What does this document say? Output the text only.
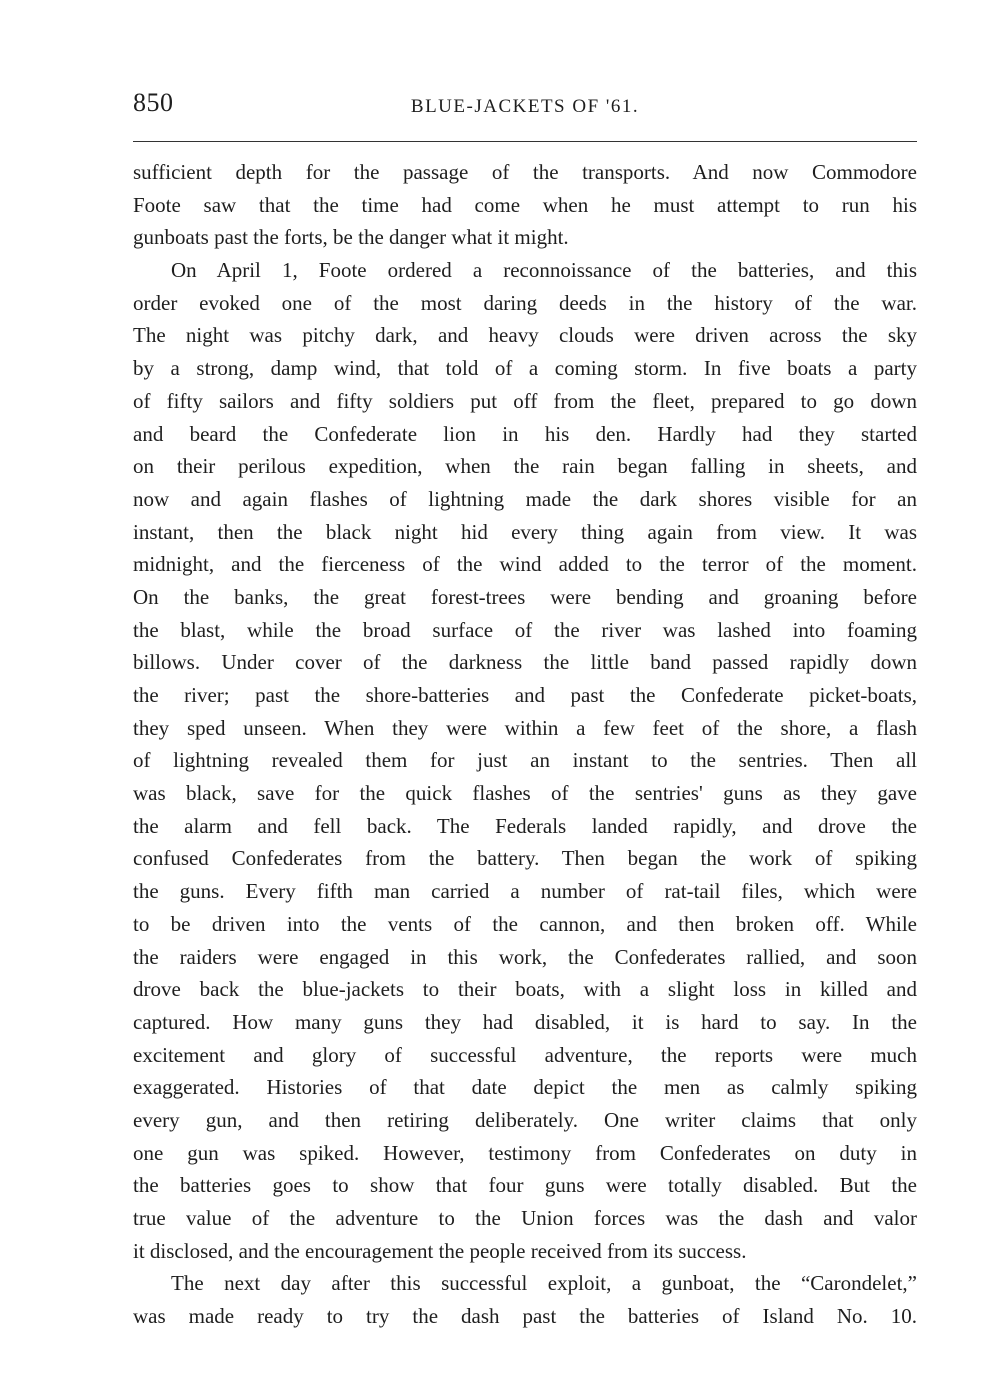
850	BLUE-JACKETS OF '61.
sufficient depth for the passage of the transports. And now Commodore
Foote saw that the time had come when he must attempt to run his
gunboats past the forts, be the danger what it might.
On April 1, Foote ordered a reconnoissance of the batteries, and this
order evoked one of the most daring deeds in the history of the war.
The night was pitchy dark, and heavy clouds were driven across the sky
by a strong, damp wind, that told of a coming storm. In five boats a party
of fifty sailors and fifty soldiers put off from the fleet, prepared to go down
and beard the Confederate lion in his den. Hardly had they started
on their perilous expedition, when the rain began falling in sheets, and
now and again flashes of lightning made the dark shores visible for an
instant, then the black night hid every thing again from view. It was
midnight, and the fierceness of the wind added to the terror of the moment.
On the banks, the great forest-trees were bending and groaning before
the blast, while the broad surface of the river was lashed into foaming
billows. Under cover of the darkness the little band passed rapidly down
the river; past the shore-batteries and past the Confederate picket-boats,
they sped unseen. When they were within a few feet of the shore, a flash
of lightning revealed them for just an instant to the sentries. Then all
was black, save for the quick flashes of the sentries' guns as they gave
the alarm and fell back. The Federals landed rapidly, and drove the
confused Confederates from the battery. Then began the work of spiking
the guns. Every fifth man carried a number of rat-tail files, which were
to be driven into the vents of the cannon, and then broken off. While
the raiders were engaged in this work, the Confederates rallied, and soon
drove back the blue-jackets to their boats, with a slight loss in killed and
captured. How many guns they had disabled, it is hard to say. In the
excitement and glory of successful adventure, the reports were much
exaggerated. Histories of that date depict the men as calmly spiking
every gun, and then retiring deliberately. One writer claims that only
one gun was spiked. However, testimony from Confederates on duty in
the batteries goes to show that four guns were totally disabled. But the
true value of the adventure to the Union forces was the dash and valor
it disclosed, and the encouragement the people received from its success.
The next day after this successful exploit, a gunboat, the “Carondelet,”
was made ready to try the dash past the batteries of Island No. 10.
